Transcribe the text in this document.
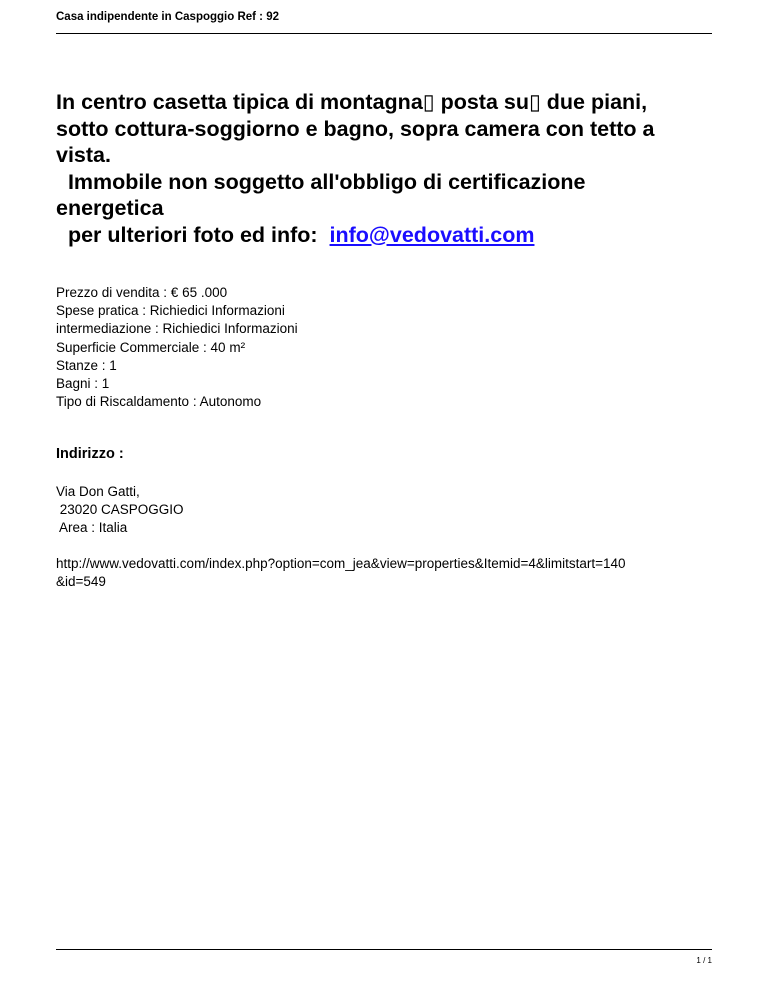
Casa indipendente in Caspoggio Ref : 92
In centro casetta tipica di montagna▯ posta su▯ due piani,
sotto cottura-soggiorno e bagno, sopra camera con tetto a
vista.
Immobile non soggetto all'obbligo di certificazione
energetica
per ulteriori foto ed info:  info@vedovatti.com
Prezzo di vendita : € 65 .000
Spese pratica : Richiedici Informazioni
intermediazione : Richiedici Informazioni
Superficie Commerciale : 40 m²
Stanze : 1
Bagni : 1
Tipo di Riscaldamento : Autonomo
Indirizzo :
Via Don Gatti,
23020 CASPOGGIO
Area : Italia
http://www.vedovatti.com/index.php?option=com_jea&view=properties&Itemid=4&limitstart=140
&id=549
1 / 1
